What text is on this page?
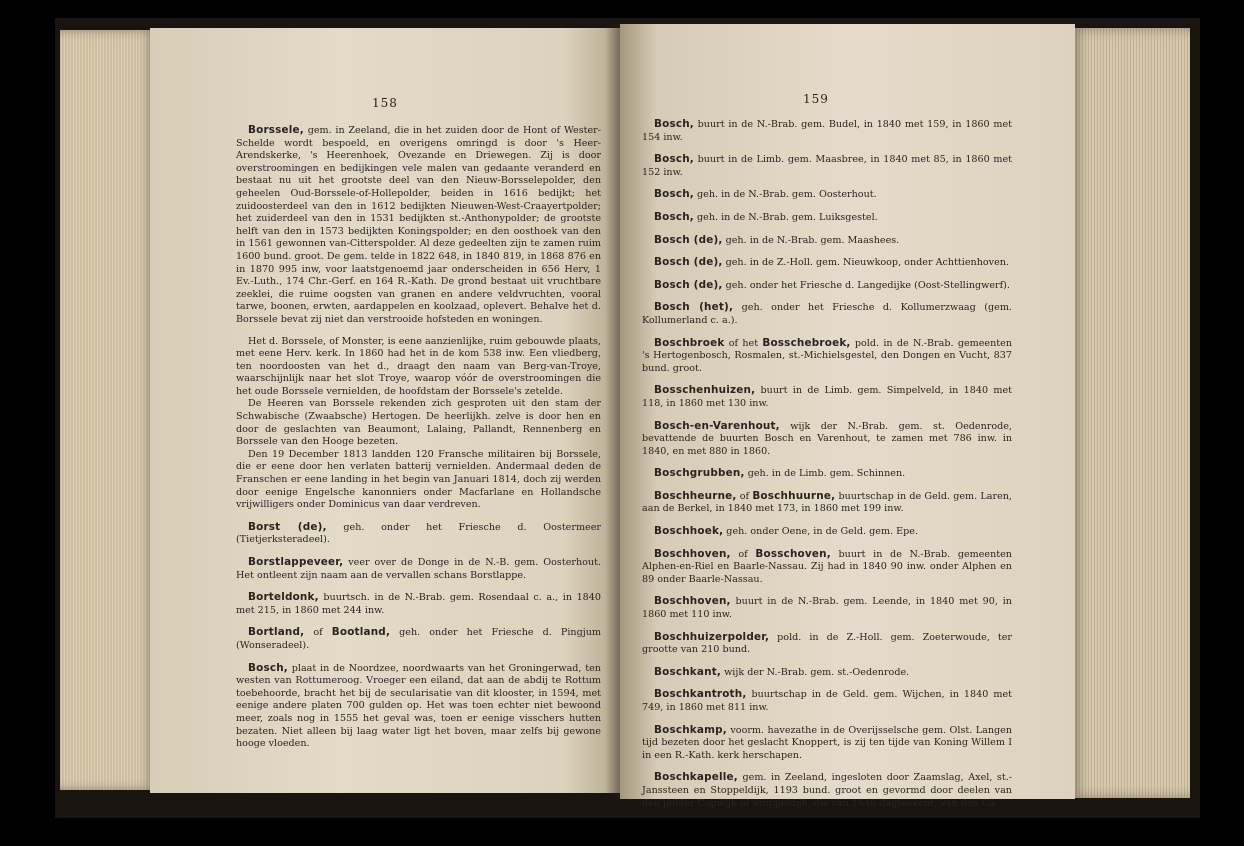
158

Borssele, gem. in Zeeland, die in het zuiden door de Hont of Wester-Schelde wordt bespoeld, en overigens omringd is door 's Heer-Arendskerke, 's Heerenhoek, Ovezande en Driewegen. Zij is door overstroomingen en bedijkingen vele malen van gedaante veranderd en bestaat nu uit het grootste deel van den Nieuw-Borsselepolder, den geheelen Oud-Borssele-of-Hollepolder, beiden in 1616 bedijkt; het zuidoosterdeel van den in 1612 bedijkten Nieuwen-West-Craayertpolder; het zuiderdeel van den in 1531 bedijkten st.-Anthonypolder; de grootste helft van den in 1573 bedijkten Koningspolder; en den oosthoek van den in 1561 gewonnen van-Citterspolder. Al deze gedeelten zijn te zamen ruim 1600 bund. groot. De gem. telde in 1822 648, in 1840 819, in 1868 876 en in 1870 995 inw, voor laatstgenoemd jaar onderscheiden in 656 Herv, 1 Ev.-Luth., 174 Chr.-Gerf. en 164 R.-Kath. De grond bestaat uit vruchtbare zeeklei, die ruime oogsten van granen en andere veldvruchten, vooral tarwe, boonen, erwten, aardappelen en koolzaad, oplevert. Behalve het d. Borssele bevat zij niet dan verstrooide hofsteden en woningen.

Het d. Borssele, of Monster, is eene aanzienlijke, ruim gebouwde plaats, met eene Herv. kerk. In 1860 had het in de kom 538 inw. Een vliedberg, ten noordoosten van het d., draagt den naam van Berg-van-Troye, waarschijnlijk naar het slot Troye, waarop vóór de overstroomingen die het oude Borssele vernielden, de hoofdstam der Borssele's zetelde.

De Heeren van Borssele rekenden zich gesproten uit den stam der Schwabische (Zwaabsche) Hertogen. De heerlijkh. zelve is door hen en door de geslachten van Beaumont, Lalaing, Pallandt, Rennenberg en Borssele van den Hooge bezeten.

Den 19 December 1813 landden 120 Fransche militairen bij Borssele, die er eene door hen verlaten batterij vernielden. Andermaal deden de Franschen er eene landing in het begin van Januari 1814, doch zij werden door eenige Engelsche kanonniers onder Macfarlane en Hollandsche vrijwilligers onder Dominicus van daar verdreven.

Borst (de), geh. onder het Friesche d. Oostermeer (Tietjerksteradeel).

Borstlappeveer, veer over de Donge in de N.-B. gem. Oosterhout. Het ontleent zijn naam aan de vervallen schans Borstlappe.

Borteldonk, buurtsch. in de N.-Brab. gem. Rosendaal c. a., in 1840 met 215, in 1860 met 244 inw.

Bortland, of Bootland, geh. onder het Friesche d. Pingjum (Wonseradeel).

Bosch, plaat in de Noordzee, noordwaarts van het Groningerwad, ten westen van Rottumeroog. Vroeger een eiland, dat aan de abdij te Rottum toebehoorde, bracht het bij de secularisatie van dit klooster, in 1594, met eenige andere platen 700 gulden op. Het was toen echter niet bewoond meer, zoals nog in 1555 het geval was, toen er eenige visschers hutten bezaten. Niet alleen bij laag water ligt het boven, maar zelfs bij gewone hooge vloeden.

159

Bosch, buurt in de N.-Brab. gem. Budel, in 1840 met 159, in 1860 met 154 inw.

Bosch, buurt in de Limb. gem. Maasbree, in 1840 met 85, in 1860 met 152 inw.

Bosch, geh. in de N.-Brab. gem. Oosterhout.

Bosch, geh. in de N.-Brab. gem. Luiksgestel.

Bosch (de), geh. in de N.-Brab. gem. Maashees.

Bosch (de), geh. in de Z.-Holl. gem. Nieuwkoop, onder Achttienhoven.

Bosch (de), geh. onder het Friesche d. Langedijke (Oost-Stellingwerf).

Bosch (het), geh. onder het Friesche d. Kollumerzwaag (gem. Kollumerland c. a.).

Boschbroek of het Bosschebroek, pold. in de N.-Brab. gemeenten 's Hertogenbosch, Rosmalen, st.-Michielsgestel, den Dongen en Vucht, 837 bund. groot.

Bosschenhuizen, buurt in de Limb. gem. Simpelveld, in 1840 met 118, in 1860 met 130 inw.

Bosch-en-Varenhout, wijk der N.-Brab. gem. st. Oedenrode, bevattende de buurten Bosch en Varenhout, te zamen met 786 inw. in 1840, en met 880 in 1860.

Boschgrubben, geh. in de Limb. gem. Schinnen.

Boschheurne, of Boschhuurne, buurtschap in de Geld. gem. Laren, aan de Berkel, in 1840 met 173, in 1860 met 199 inw.

Boschhoek, geh. onder Oene, in de Geld. gem. Epe.

Boschhoven, of Bosschoven, buurt in de N.-Brab. gemeenten Alphen-en-Riel en Baarle-Nassau. Zij had in 1840 90 inw. onder Alphen en 89 onder Baarle-Nassau.

Boschhoven, buurt in de N.-Brab. gem. Leende, in 1840 met 90, in 1860 met 110 inw.

Boschhuizerpolder, pold. in de Z.-Holl. gem. Zoeterwoude, ter grootte van 210 bund.

Boschkant, wijk der N.-Brab. gem. st.-Oedenrode.

Boschkantroth, buurtschap in de Geld. gem. Wijchen, in 1840 met 749, in 1860 met 811 inw.

Boschkamp, voorm. havezathe in de Overijsselsche gem. Olst. Langen tijd bezeten door het geslacht Knoppert, is zij ten tijde van Koning Willem I in een R.-Kath. kerk herschapen.

Boschkapelle, gem. in Zeeland, ingesloten door Zaamslag, Axel, st.-Janssteen en Stoppeldijk, 1193 bund. groot en gevormd door deelen van den polder Copwijk of Stoppeldijk, die van 1646 dagteekent; van den Ca-
